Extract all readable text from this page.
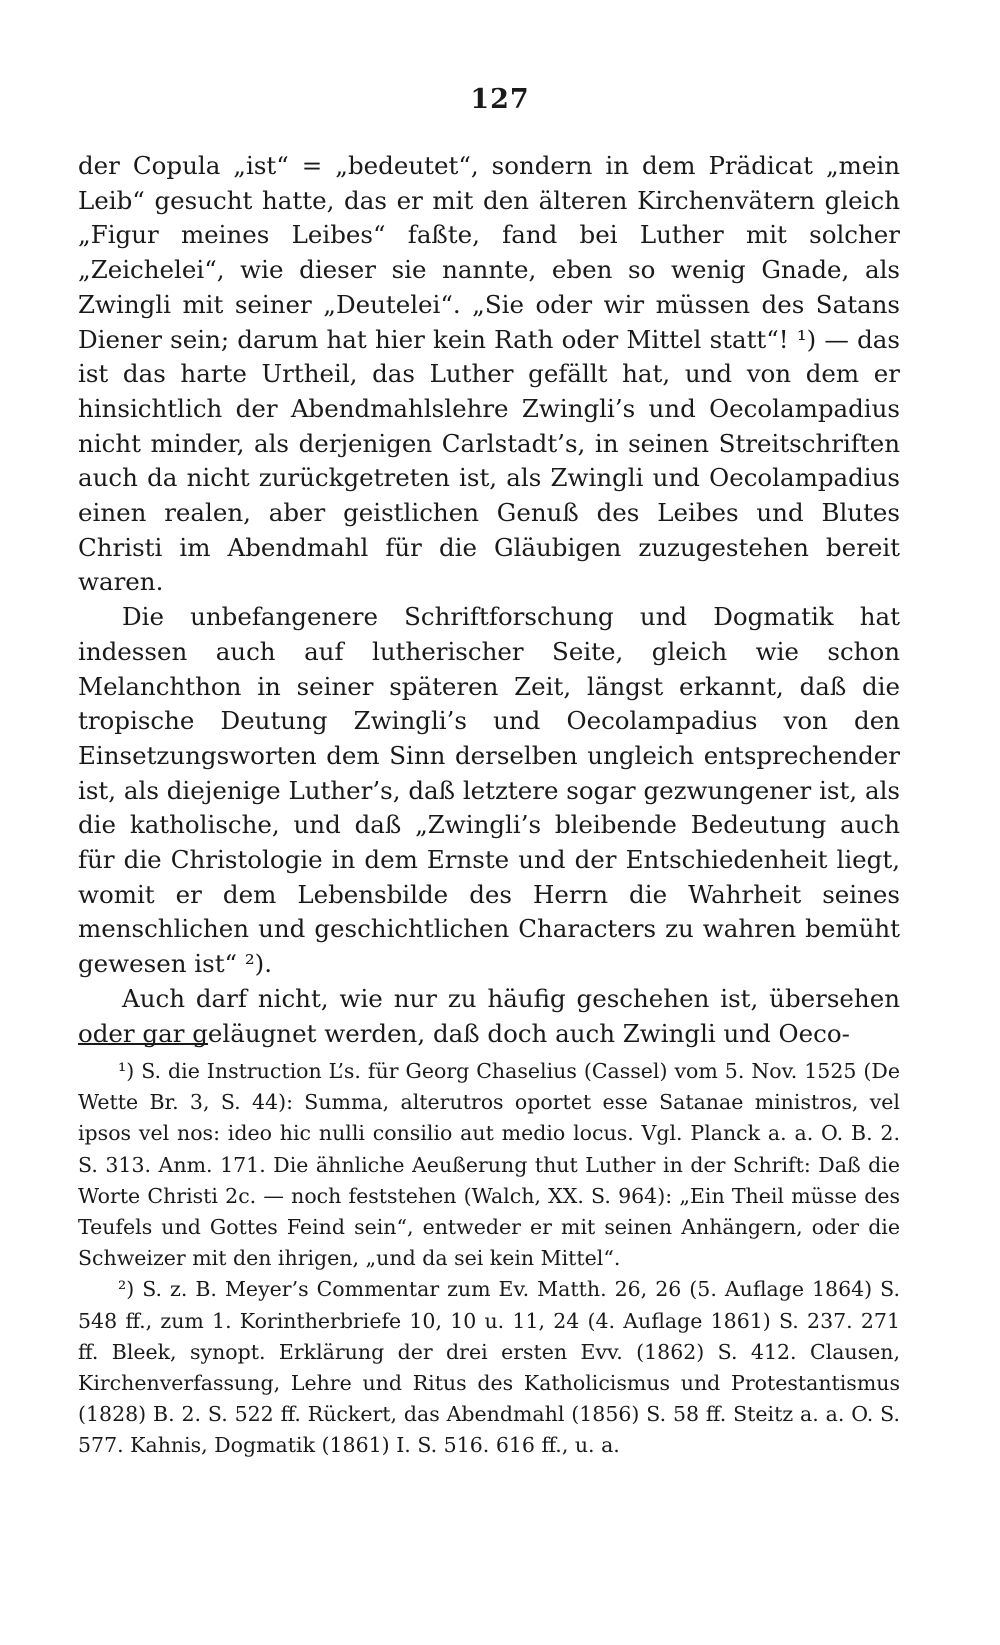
127

der Copula „ist“ = „bedeutet“, sondern in dem Prädicat „mein Leib“ gesucht hatte, das er mit den älteren Kirchenvätern gleich „Figur meines Leibes“ faßte, fand bei Luther mit solcher „Zeichelei“, wie dieser sie nannte, eben so wenig Gnade, als Zwingli mit seiner „Deutelei“. „Sie oder wir müssen des Satans Diener sein; darum hat hier kein Rath oder Mittel statt“! ¹) — das ist das harte Urtheil, das Luther gefällt hat, und von dem er hinsichtlich der Abendmahlslehre Zwingli’s und Oecolampadius nicht minder, als derjenigen Carlstadt’s, in seinen Streitschriften auch da nicht zurückgetreten ist, als Zwingli und Oecolampadius einen realen, aber geistlichen Genuß des Leibes und Blutes Christi im Abendmahl für die Gläubigen zuzugestehen bereit waren.

Die unbefangenere Schriftforschung und Dogmatik hat indessen auch auf lutherischer Seite, gleich wie schon Melanchthon in seiner späteren Zeit, längst erkannt, daß die tropische Deutung Zwingli’s und Oecolampadius von den Einsetzungsworten dem Sinn derselben ungleich entsprechender ist, als diejenige Luther’s, daß letztere sogar gezwungener ist, als die katholische, und daß „Zwingli’s bleibende Bedeutung auch für die Christologie in dem Ernste und der Entschiedenheit liegt, womit er dem Lebensbilde des Herrn die Wahrheit seines menschlichen und geschichtlichen Characters zu wahren bemüht gewesen ist“ ²).

Auch darf nicht, wie nur zu häufig geschehen ist, übersehen oder gar geläugnet werden, daß doch auch Zwingli und Oeco-

¹) S. die Instruction L’s. für Georg Chaselius (Cassel) vom 5. Nov. 1525 (De Wette Br. 3, S. 44): Summa, alterutros oportet esse Satanae ministros, vel ipsos vel nos: ideo hic nulli consilio aut medio locus. Vgl. Planck a. a. O. B. 2. S. 313. Anm. 171. Die ähnliche Aeußerung thut Luther in der Schrift: Daß die Worte Christi 2c. — noch feststehen (Walch, XX. S. 964): „Ein Theil müsse des Teufels und Gottes Feind sein“, entweder er mit seinen Anhängern, oder die Schweizer mit den ihrigen, „und da sei kein Mittel“.

²) S. z. B. Meyer’s Commentar zum Ev. Matth. 26, 26 (5. Auflage 1864) S. 548 ff., zum 1. Korintherbriefe 10, 10 u. 11, 24 (4. Auflage 1861) S. 237. 271 ff. Bleek, synopt. Erklärung der drei ersten Evv. (1862) S. 412. Clausen, Kirchenverfassung, Lehre und Ritus des Katholicismus und Protestantismus (1828) B. 2. S. 522 ff. Rückert, das Abendmahl (1856) S. 58 ff. Steitz a. a. O. S. 577. Kahnis, Dogmatik (1861) I. S. 516. 616 ff., u. a.
